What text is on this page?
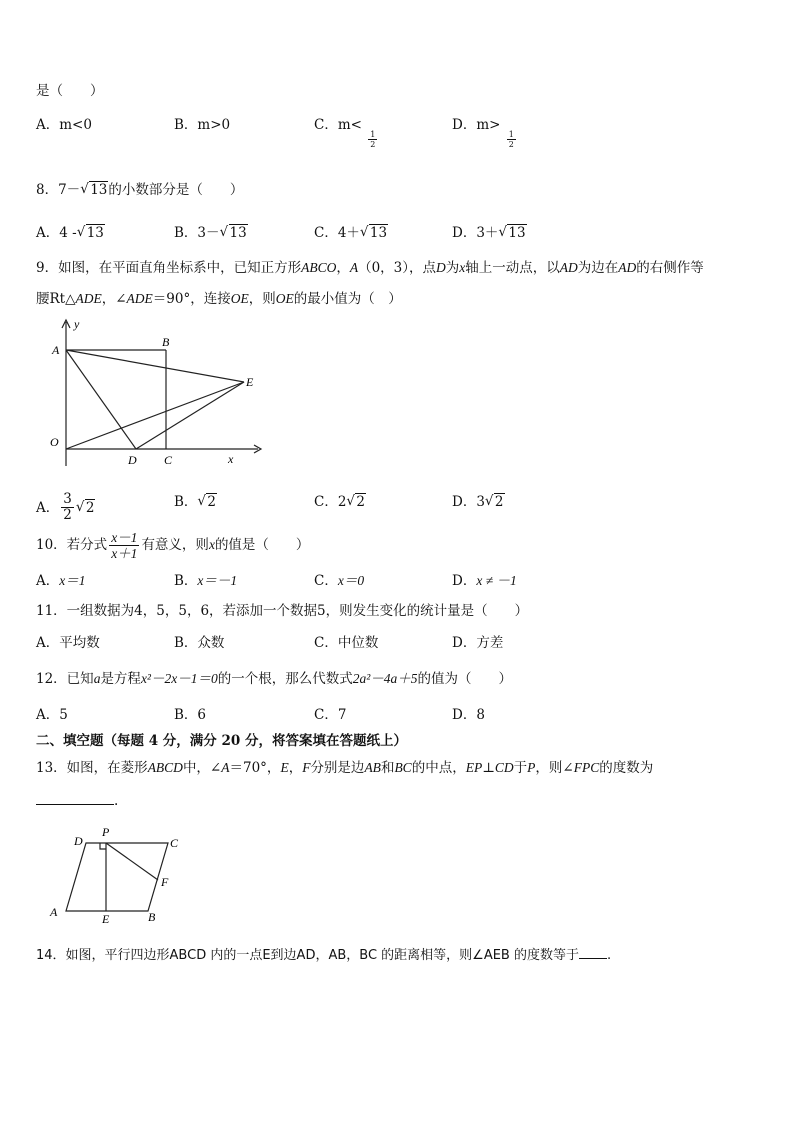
是（　　）
A．m<0	B．m>0	C．m<
$\frac{1}{2}$
D．m>
$\frac{1}{2}$
8．7－ √ 13的小数部分是（　　）
A．4 - √ 13	B．3－ √ 13	C．4＋ √ 13	D．3＋ √ 13
9．如图，在平面直角坐标系中，已知正方形ABCO，A（0，3），点D为x轴上一动点，以AD为边在AD的右侧作等
腰Rt△ADE，∠ADE＝90°，连接OE，则OE的最小值为（　）
y
A
B
E
O
D C	x
A． $\frac{3}{2}$ √ 2	B． √ 2	C．2 √ 2	D．3 √ 2
10．若分式 $\frac{x-1}{x+1}$ 有意义，则x的值是（　　）
A．x＝1	B．x＝－1	C．x＝0	D．x ≠ －1
11．一组数据为4，5，5，6，若添加一个数据5，则发生变化的统计量是（　　）
A．平均数	B．众数	C．中位数	D．方差
12．已知a是方程x²－2x－1＝0的一个根，那么代数式2a²－4a＋5的值为（　　）
A．5	B．6	C．7	D．8
二、填空题（每题 4 分，满分 20 分，将答案填在答题纸上）
13．如图，在菱形ABCD中，∠A＝70°，E，F分别是边AB和BC的中点，EP⊥CD于P，则∠FPC的度数为
.
D
P
C
F
A	E	B
14．如图，平行四边形ABCD 内的一点E到边AD，AB，BC 的距离相等，则∠AEB 的度数等于 .
